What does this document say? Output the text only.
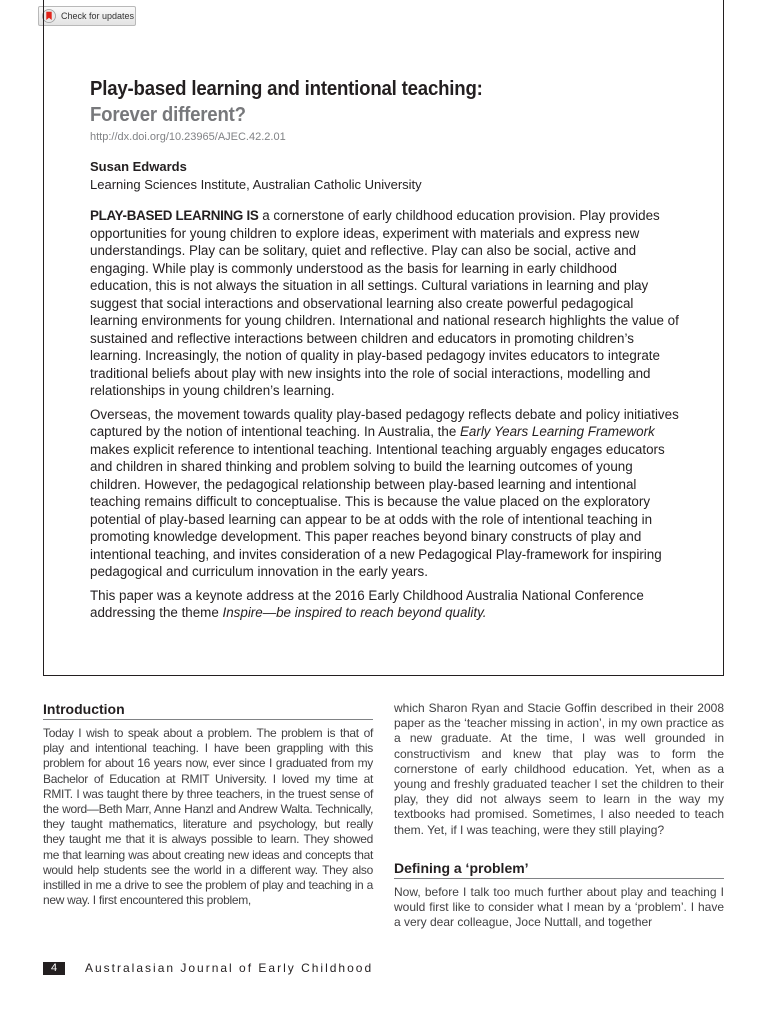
Check for updates
Play-based learning and intentional teaching:
Forever different?
http://dx.doi.org/10.23965/AJEC.42.2.01
Susan Edwards
Learning Sciences Institute, Australian Catholic University

PLAY-BASED LEARNING IS a cornerstone of early childhood education provision. Play provides opportunities for young children to explore ideas, experiment with materials and express new understandings. Play can be solitary, quiet and reflective. Play can also be social, active and engaging. While play is commonly understood as the basis for learning in early childhood education, this is not always the situation in all settings. Cultural variations in learning and play suggest that social interactions and observational learning also create powerful pedagogical learning environments for young children. International and national research highlights the value of sustained and reflective interactions between children and educators in promoting children’s learning. Increasingly, the notion of quality in play-based pedagogy invites educators to integrate traditional beliefs about play with new insights into the role of social interactions, modelling and relationships in young children’s learning.

Overseas, the movement towards quality play-based pedagogy reflects debate and policy initiatives captured by the notion of intentional teaching. In Australia, the Early Years Learning Framework makes explicit reference to intentional teaching. Intentional teaching arguably engages educators and children in shared thinking and problem solving to build the learning outcomes of young children. However, the pedagogical relationship between play-based learning and intentional teaching remains difficult to conceptualise. This is because the value placed on the exploratory potential of play-based learning can appear to be at odds with the role of intentional teaching in promoting knowledge development. This paper reaches beyond binary constructs of play and intentional teaching, and invites consideration of a new Pedagogical Play-framework for inspiring pedagogical and curriculum innovation in the early years.

This paper was a keynote address at the 2016 Early Childhood Australia National Conference addressing the theme Inspire—be inspired to reach beyond quality.

Introduction
Today I wish to speak about a problem. The problem is that of play and intentional teaching. I have been grappling with this problem for about 16 years now, ever since I graduated from my Bachelor of Education at RMIT University. I loved my time at RMIT. I was taught there by three teachers, in the truest sense of the word—Beth Marr, Anne Hanzl and Andrew Walta. Technically, they taught mathematics, literature and psychology, but really they taught me that it is always possible to learn. They showed me that learning was about creating new ideas and concepts that would help students see the world in a different way. They also instilled in me a drive to see the problem of play and teaching in a new way. I first encountered this problem,
which Sharon Ryan and Stacie Goffin described in their 2008 paper as the ‘teacher missing in action’, in my own practice as a new graduate. At the time, I was well grounded in constructivism and knew that play was to form the cornerstone of early childhood education. Yet, when as a young and freshly graduated teacher I set the children to their play, they did not always seem to learn in the way my textbooks had promised. Sometimes, I also needed to teach them. Yet, if I was teaching, were they still playing?
Defining a ‘problem’
Now, before I talk too much further about play and teaching I would first like to consider what I mean by a ‘problem’. I have a very dear colleague, Joce Nuttall, and together
4	Australasian Journal of Early Childhood
